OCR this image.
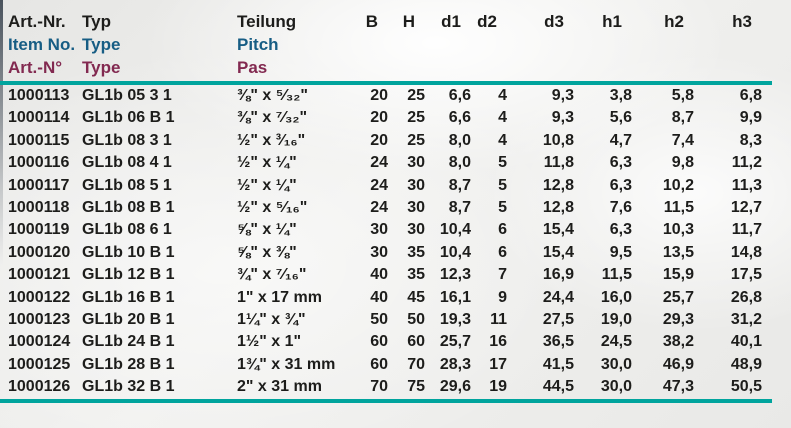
Art.-Nr.	Typ	Teilung	B	H	d1	d2	d3	h1	h2	h3	
Item No.	Type	Pitch									
Art.-N°	Type	Pas									
1000113	GL1b 05 3 1	⅜" x ⁵⁄₃₂"	20	25	6,6	4	9,3	3,8	5,8	6,8	
1000114	GL1b 06 B 1	⅜" x ⁷⁄₃₂"	20	25	6,6	4	9,3	5,6	8,7	9,9	
1000115	GL1b 08 3 1	½" x ³⁄₁₆"	20	25	8,0	4	10,8	4,7	7,4	8,3	
1000116	GL1b 08 4 1	½" x ¼"	24	30	8,0	5	11,8	6,3	9,8	11,2	
1000117	GL1b 08 5 1	½" x ¼"	24	30	8,7	5	12,8	6,3	10,2	11,3	
1000118	GL1b 08 B 1	½" x ⁵⁄₁₆"	24	30	8,7	5	12,8	7,6	11,5	12,7	
1000119	GL1b 08 6 1	⅝" x ¼"	30	30	10,4	6	15,4	6,3	10,3	11,7	
1000120	GL1b 10 B 1	⅝" x ⅜"	30	35	10,4	6	15,4	9,5	13,5	14,8	
1000121	GL1b 12 B 1	¾" x ⁷⁄₁₆"	40	35	12,3	7	16,9	11,5	15,9	17,5	
1000122	GL1b 16 B 1	1" x 17 mm	40	45	16,1	9	24,4	16,0	25,7	26,8	
1000123	GL1b 20 B 1	1¼" x ¾"	50	50	19,3	11	27,5	19,0	29,3	31,2	
1000124	GL1b 24 B 1	1½" x 1"	60	60	25,7	16	36,5	24,5	38,2	40,1	
1000125	GL1b 28 B 1	1¾" x 31 mm	60	70	28,3	17	41,5	30,0	46,9	48,9	
1000126	GL1b 32 B 1	2" x 31 mm	70	75	29,6	19	44,5	30,0	47,3	50,5	
